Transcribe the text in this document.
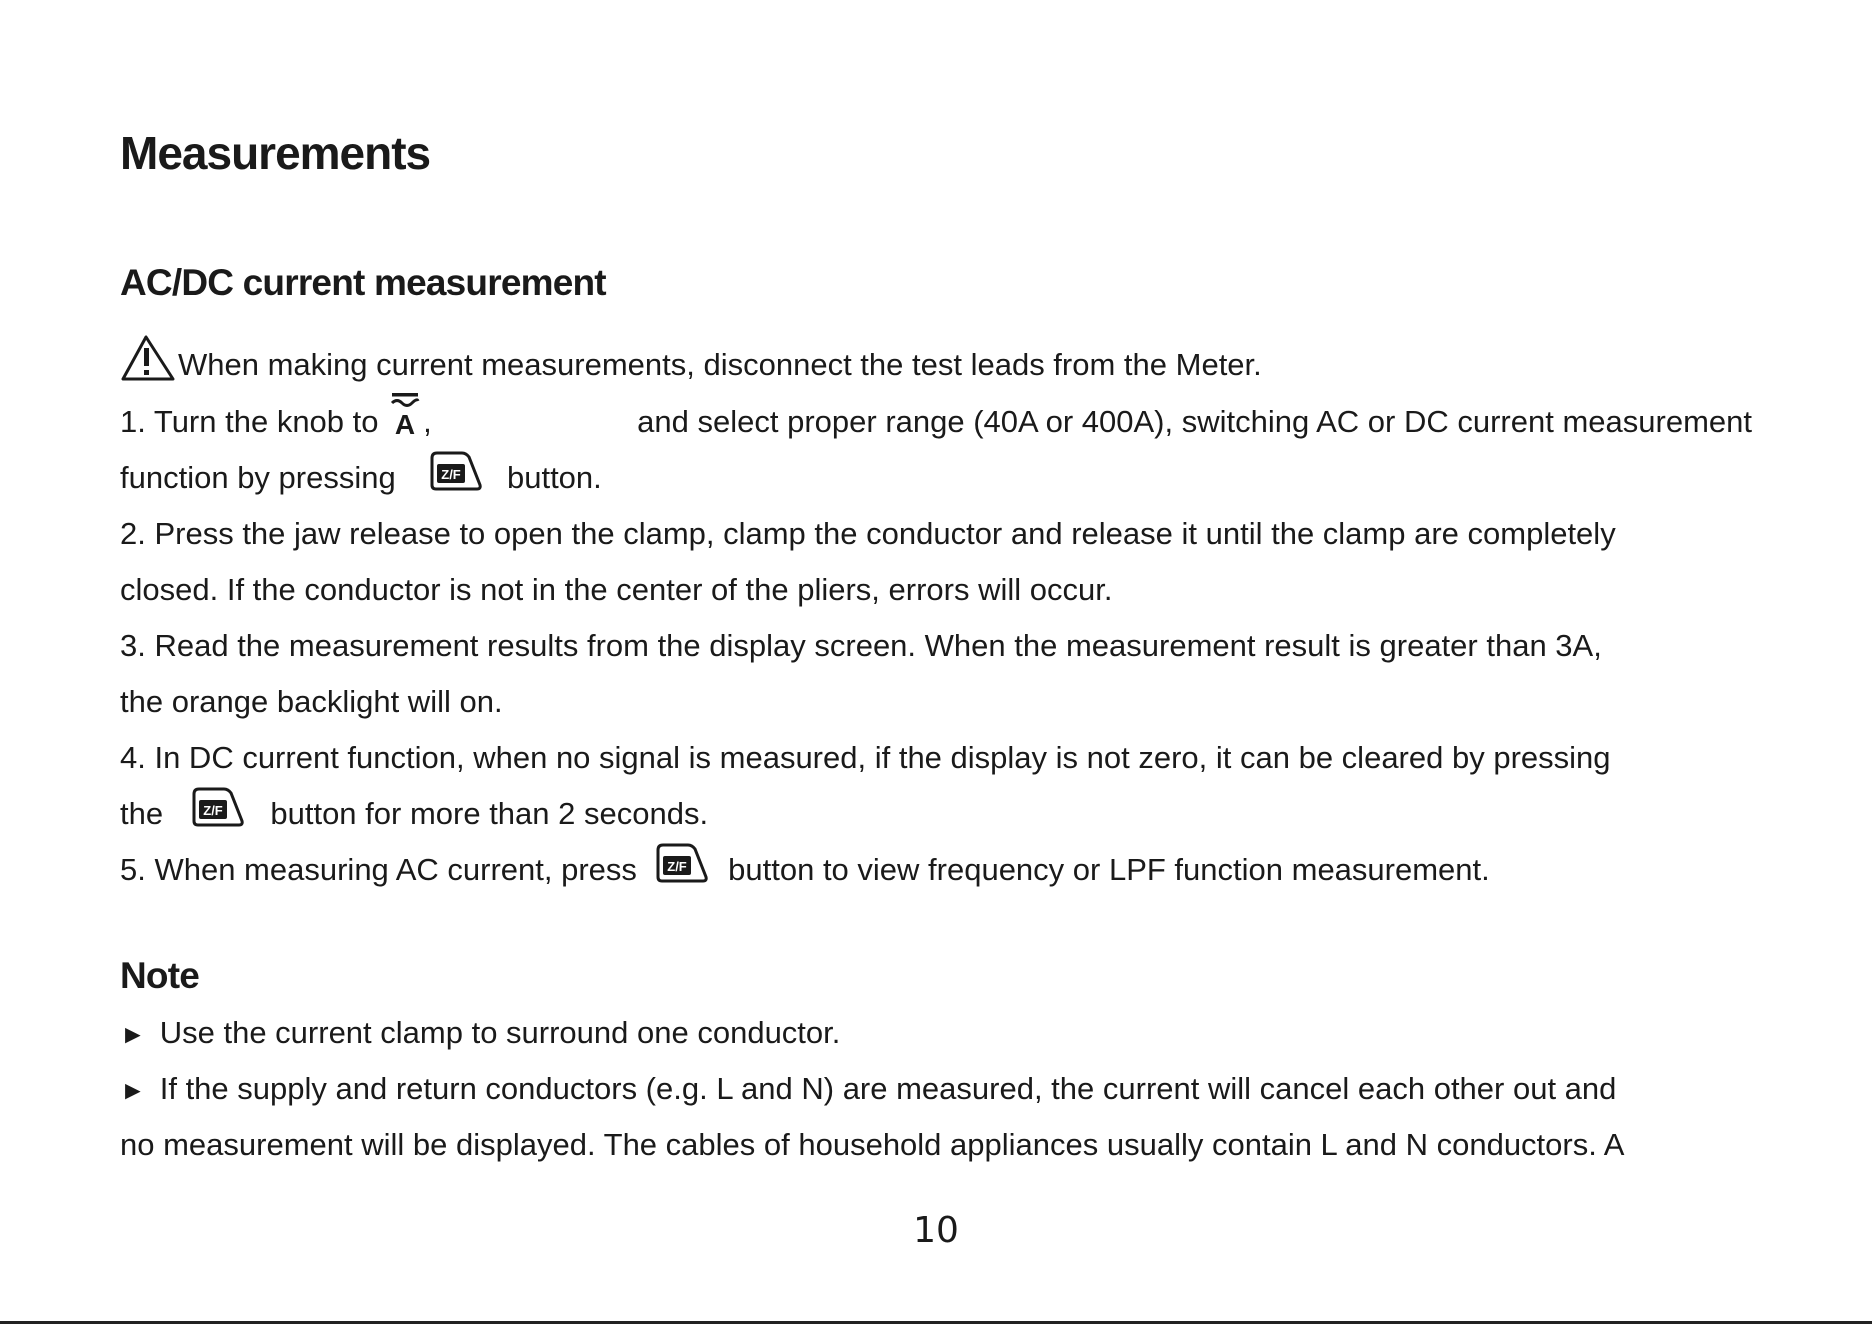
Measurements
AC/DC current measurement
When making current measurements, disconnect the test leads from the Meter.
1. Turn the knob to A ,	and select proper range (40A or 400A), switching AC or DC current measurement
function by pressing	Z/F button.
2. Press the jaw release to open the clamp, clamp the conductor and release it until the clamp are completely
closed. If the conductor is not in the center of the pliers, errors will occur.
3. Read the measurement results from the display screen. When the measurement result is greater than 3A,
the orange backlight will on.
4. In DC current function, when no signal is measured, if the display is not zero, it can be cleared by pressing
the	Z/F button for more than 2 seconds.
5. When measuring AC current, press Z/F button to view frequency or LPF function measurement.
Note
► Use the current clamp to surround one conductor.
► If the supply and return conductors (e.g. L and N) are measured, the current will cancel each other out and
no measurement will be displayed. The cables of household appliances usually contain L and N conductors. A
10
